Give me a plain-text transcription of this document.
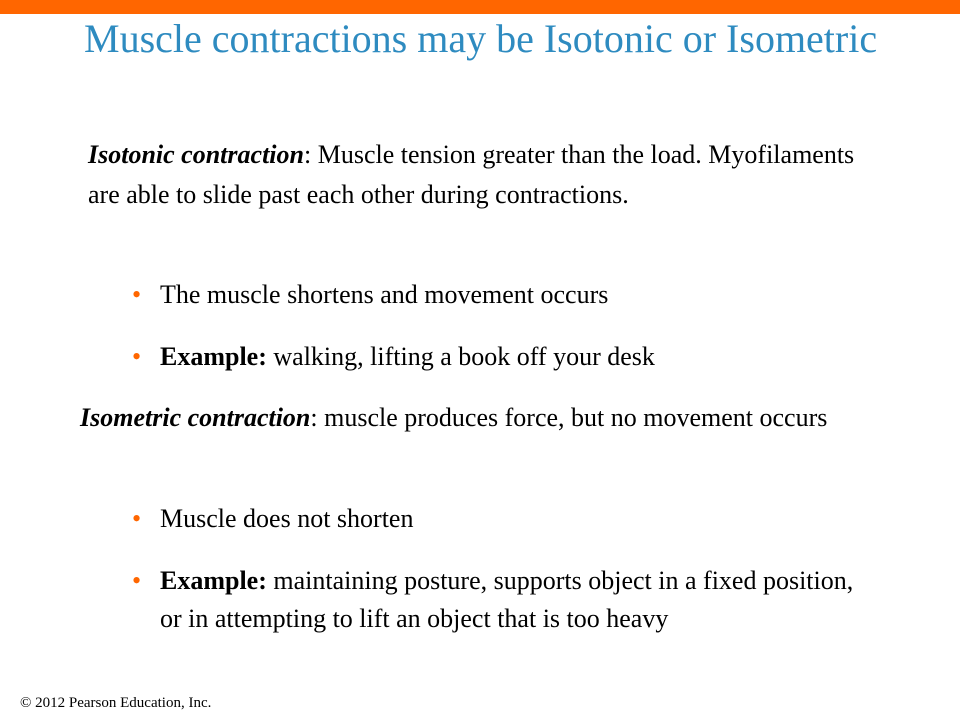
Muscle contractions may be Isotonic or Isometric

Isotonic contraction: Muscle tension greater than the load. Myofilaments are able to slide past each other during contractions.

• The muscle shortens and movement occurs

• Example: walking, lifting a book off your desk

Isometric contraction: muscle produces force, but no movement occurs

• Muscle does not shorten

• Example: maintaining posture, supports object in a fixed position, or in attempting to lift an object that is too heavy

© 2012 Pearson Education, Inc.
